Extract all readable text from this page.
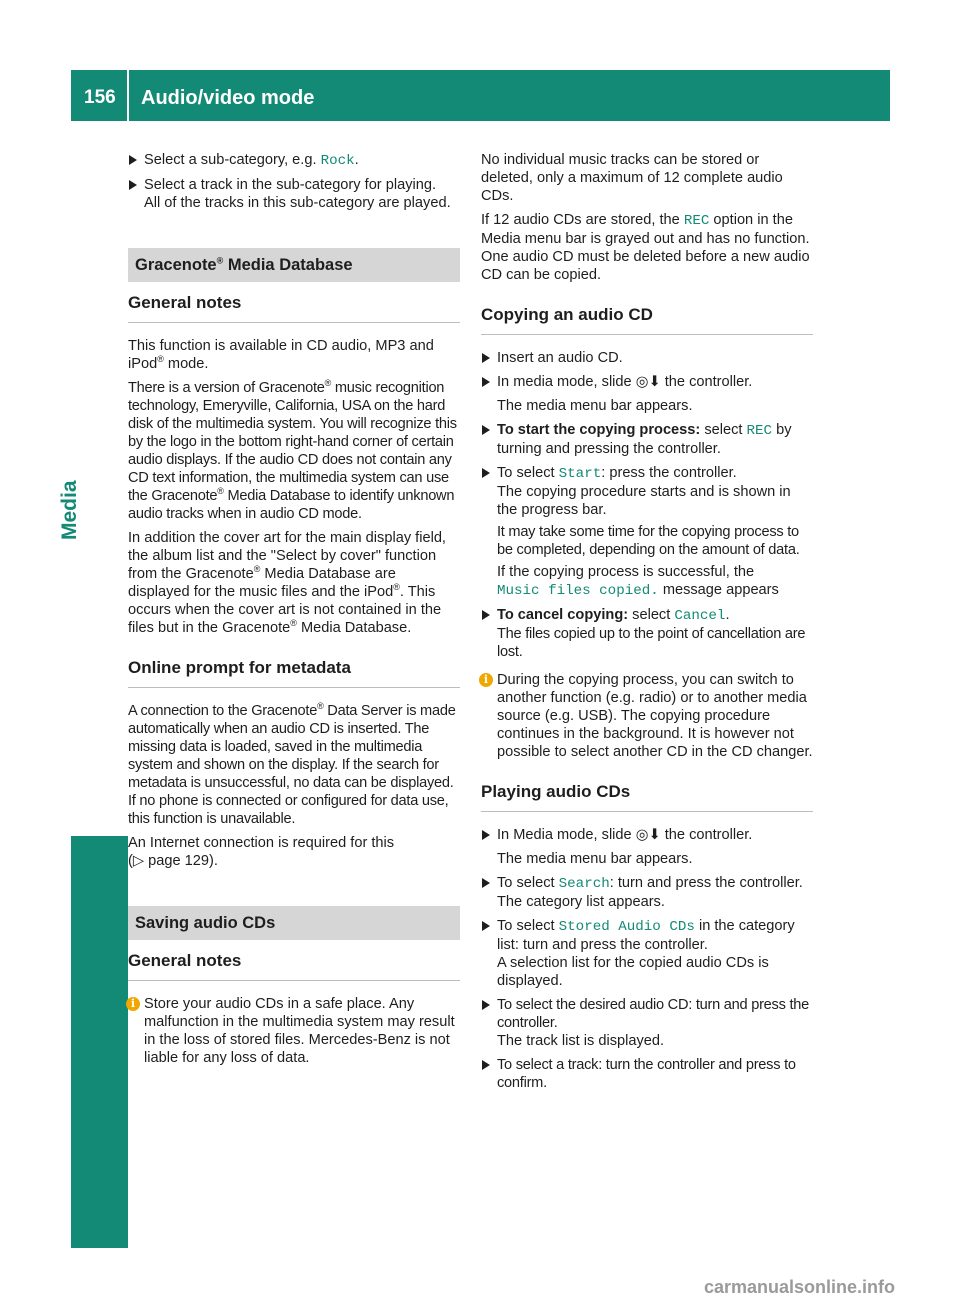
156 Audio/video mode
Media
Select a sub-category, e.g. Rock.
Select a track in the sub-category for playing.
All of the tracks in this sub-category are played.
Gracenote® Media Database
General notes

This function is available in CD audio, MP3 and iPod® mode.

There is a version of Gracenote® music recognition technology, Emeryville, California, USA on the hard disk of the multimedia system. You will recognize this by the logo in the bottom right-hand corner of certain audio displays. If the audio CD does not contain any CD text information, the multimedia system can use the Gracenote® Media Database to identify unknown audio tracks when in audio CD mode.

In addition the cover art for the main display field, the album list and the "Select by cover" function from the Gracenote® Media Database are displayed for the music files and the iPod®. This occurs when the cover art is not contained in the files but in the Gracenote® Media Database.

Online prompt for metadata

A connection to the Gracenote® Data Server is made automatically when an audio CD is inserted. The missing data is loaded, saved in the multimedia system and shown on the display. If the search for metadata is unsuccessful, no data can be displayed. If no phone is connected or configured for data use, this function is unavailable.

An Internet connection is required for this
(▷ page 129).

Saving audio CDs
General notes
i Store your audio CDs in a safe place. Any malfunction in the multimedia system may result in the loss of stored files. Mercedes-Benz is not liable for any loss of data.

No individual music tracks can be stored or deleted, only a maximum of 12 complete audio CDs.

If 12 audio CDs are stored, the REC option in the Media menu bar is grayed out and has no function. One audio CD must be deleted before a new audio CD can be copied.

Copying an audio CD
Insert an audio CD.
In media mode, slide ◎⬇ the controller.

The media menu bar appears.

To start the copying process: select REC by turning and pressing the controller.
To select Start: press the controller.
The copying procedure starts and is shown in the progress bar.
It may take some time for the copying process to be completed, depending on the amount of data.
If the copying process is successful, the
Music files copied. message appears
To cancel copying: select Cancel.
The files copied up to the point of cancellation are lost.
i During the copying process, you can switch to another function (e.g. radio) or to another media source (e.g. USB). The copying procedure continues in the background. It is however not possible to select another CD in the CD changer.
Playing audio CDs
In Media mode, slide ◎⬇ the controller.

The media menu bar appears.

To select Search: turn and press the controller.
The category list appears.
To select Stored Audio CDs in the category list: turn and press the controller.
A selection list for the copied audio CDs is displayed.
To select the desired audio CD: turn and press the controller.
The track list is displayed.
To select a track: turn the controller and press to confirm.
carmanualsonline.info
